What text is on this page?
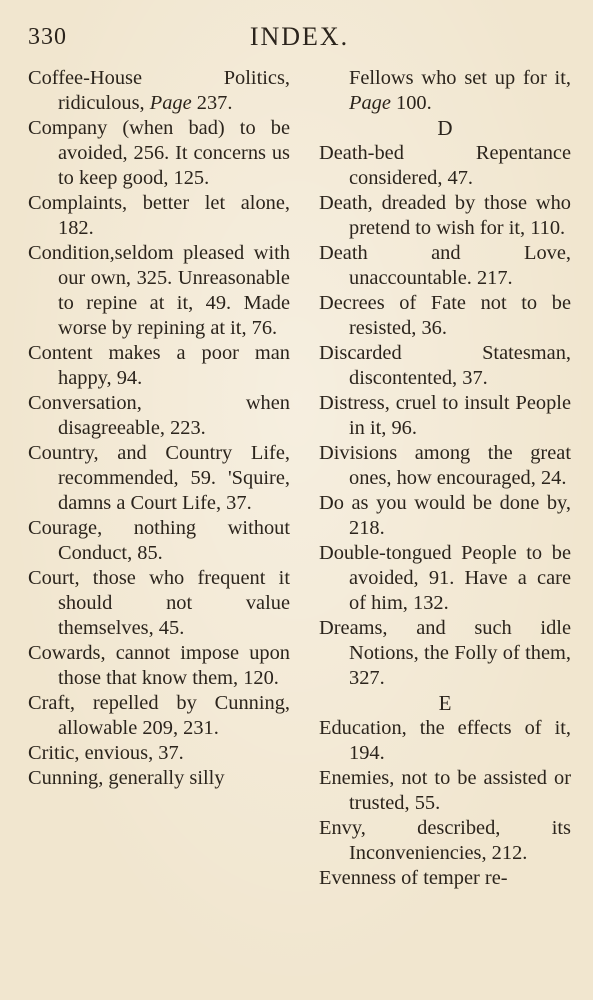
330	INDEX.

Coffee-House Politics, ridiculous, Page 237.

Company (when bad) to be avoided, 256. It concerns us to keep good, 125.

Complaints, better let alone, 182.

Condition,seldom pleased with our own, 325. Unreasonable to repine at it, 49. Made worse by repining at it, 76.

Content makes a poor man happy, 94.

Conversation, when disagreeable, 223.

Country, and Country Life, recommended, 59. 'Squire, damns a Court Life, 37.

Courage, nothing without Conduct, 85.

Court, those who frequent it should not value themselves, 45.

Cowards, cannot impose upon those that know them, 120.

Craft, repelled by Cunning, allowable 209, 231.

Critic, envious, 37.

Cunning, generally silly

Fellows who set up for it, Page 100.

D

Death-bed Repentance considered, 47.

Death, dreaded by those who pretend to wish for it, 110.

Death and Love, unaccountable. 217.

Decrees of Fate not to be resisted, 36.

Discarded Statesman, discontented, 37.

Distress, cruel to insult People in it, 96.

Divisions among the great ones, how encouraged, 24.

Do as you would be done by, 218.

Double-tongued People to be avoided, 91. Have a care of him, 132.

Dreams, and such idle Notions, the Folly of them, 327.

E

Education, the effects of it, 194.

Enemies, not to be assisted or trusted, 55.

Envy, described, its Inconveniencies, 212.

Evenness of temper re-
